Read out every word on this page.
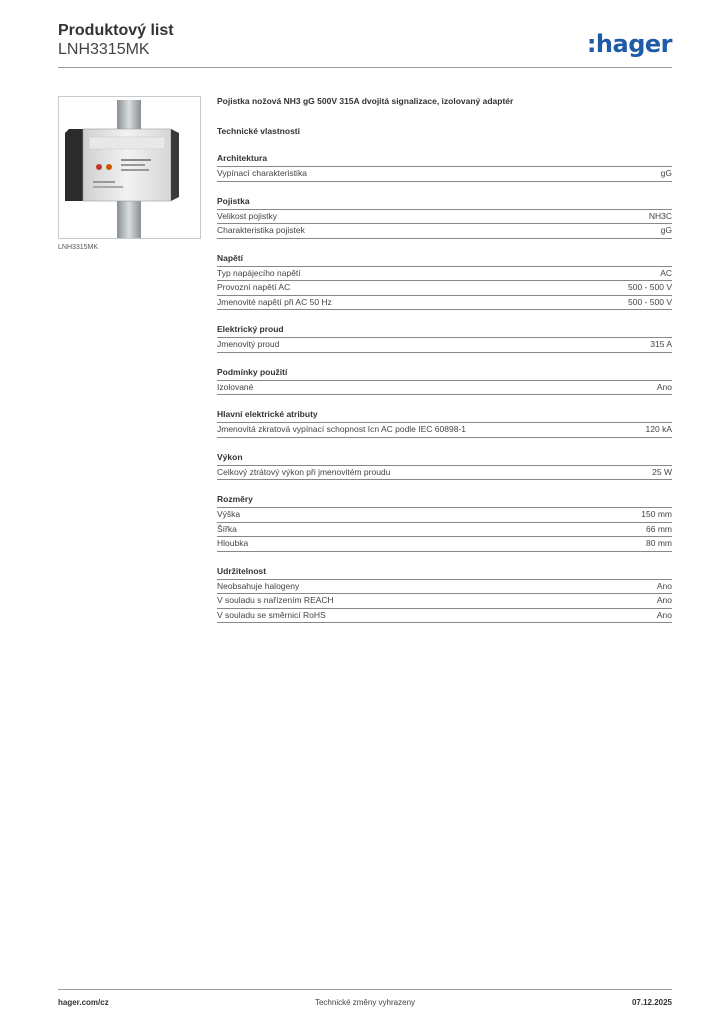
Produktový list
LNH3315MK	:hager
LNH3315MK
Pojistka nožová NH3 gG 500V 315A dvojitá signalizace, izolovaný adaptér
Technické vlastnosti
Architektura
Vypínací charakteristika	gG
Pojistka
Velikost pojistky	NH3C
Charakteristika pojistek	gG
Napětí
Typ napájecího napětí	AC
Provozní napětí AC	500 - 500 V
Jmenovité napětí při AC 50 Hz	500 - 500 V
Elektrický proud
Jmenovitý proud	315 A
Podmínky použití
Izolované	Ano
Hlavní elektrické atributy
Jmenovitá zkratová vypínací schopnost Icn AC podle IEC 60898-1	120 kA
Výkon
Celkový ztrátový výkon při jmenovitém proudu	25 W
Rozměry
Výška	150 mm
Šířka	66 mm
Hloubka	80 mm
Udržitelnost
Neobsahuje halogeny	Ano
V souladu s nařízením REACH	Ano
V souladu se směrnicí RoHS	Ano
hager.com/cz	Technické změny vyhrazeny	07.12.2025
